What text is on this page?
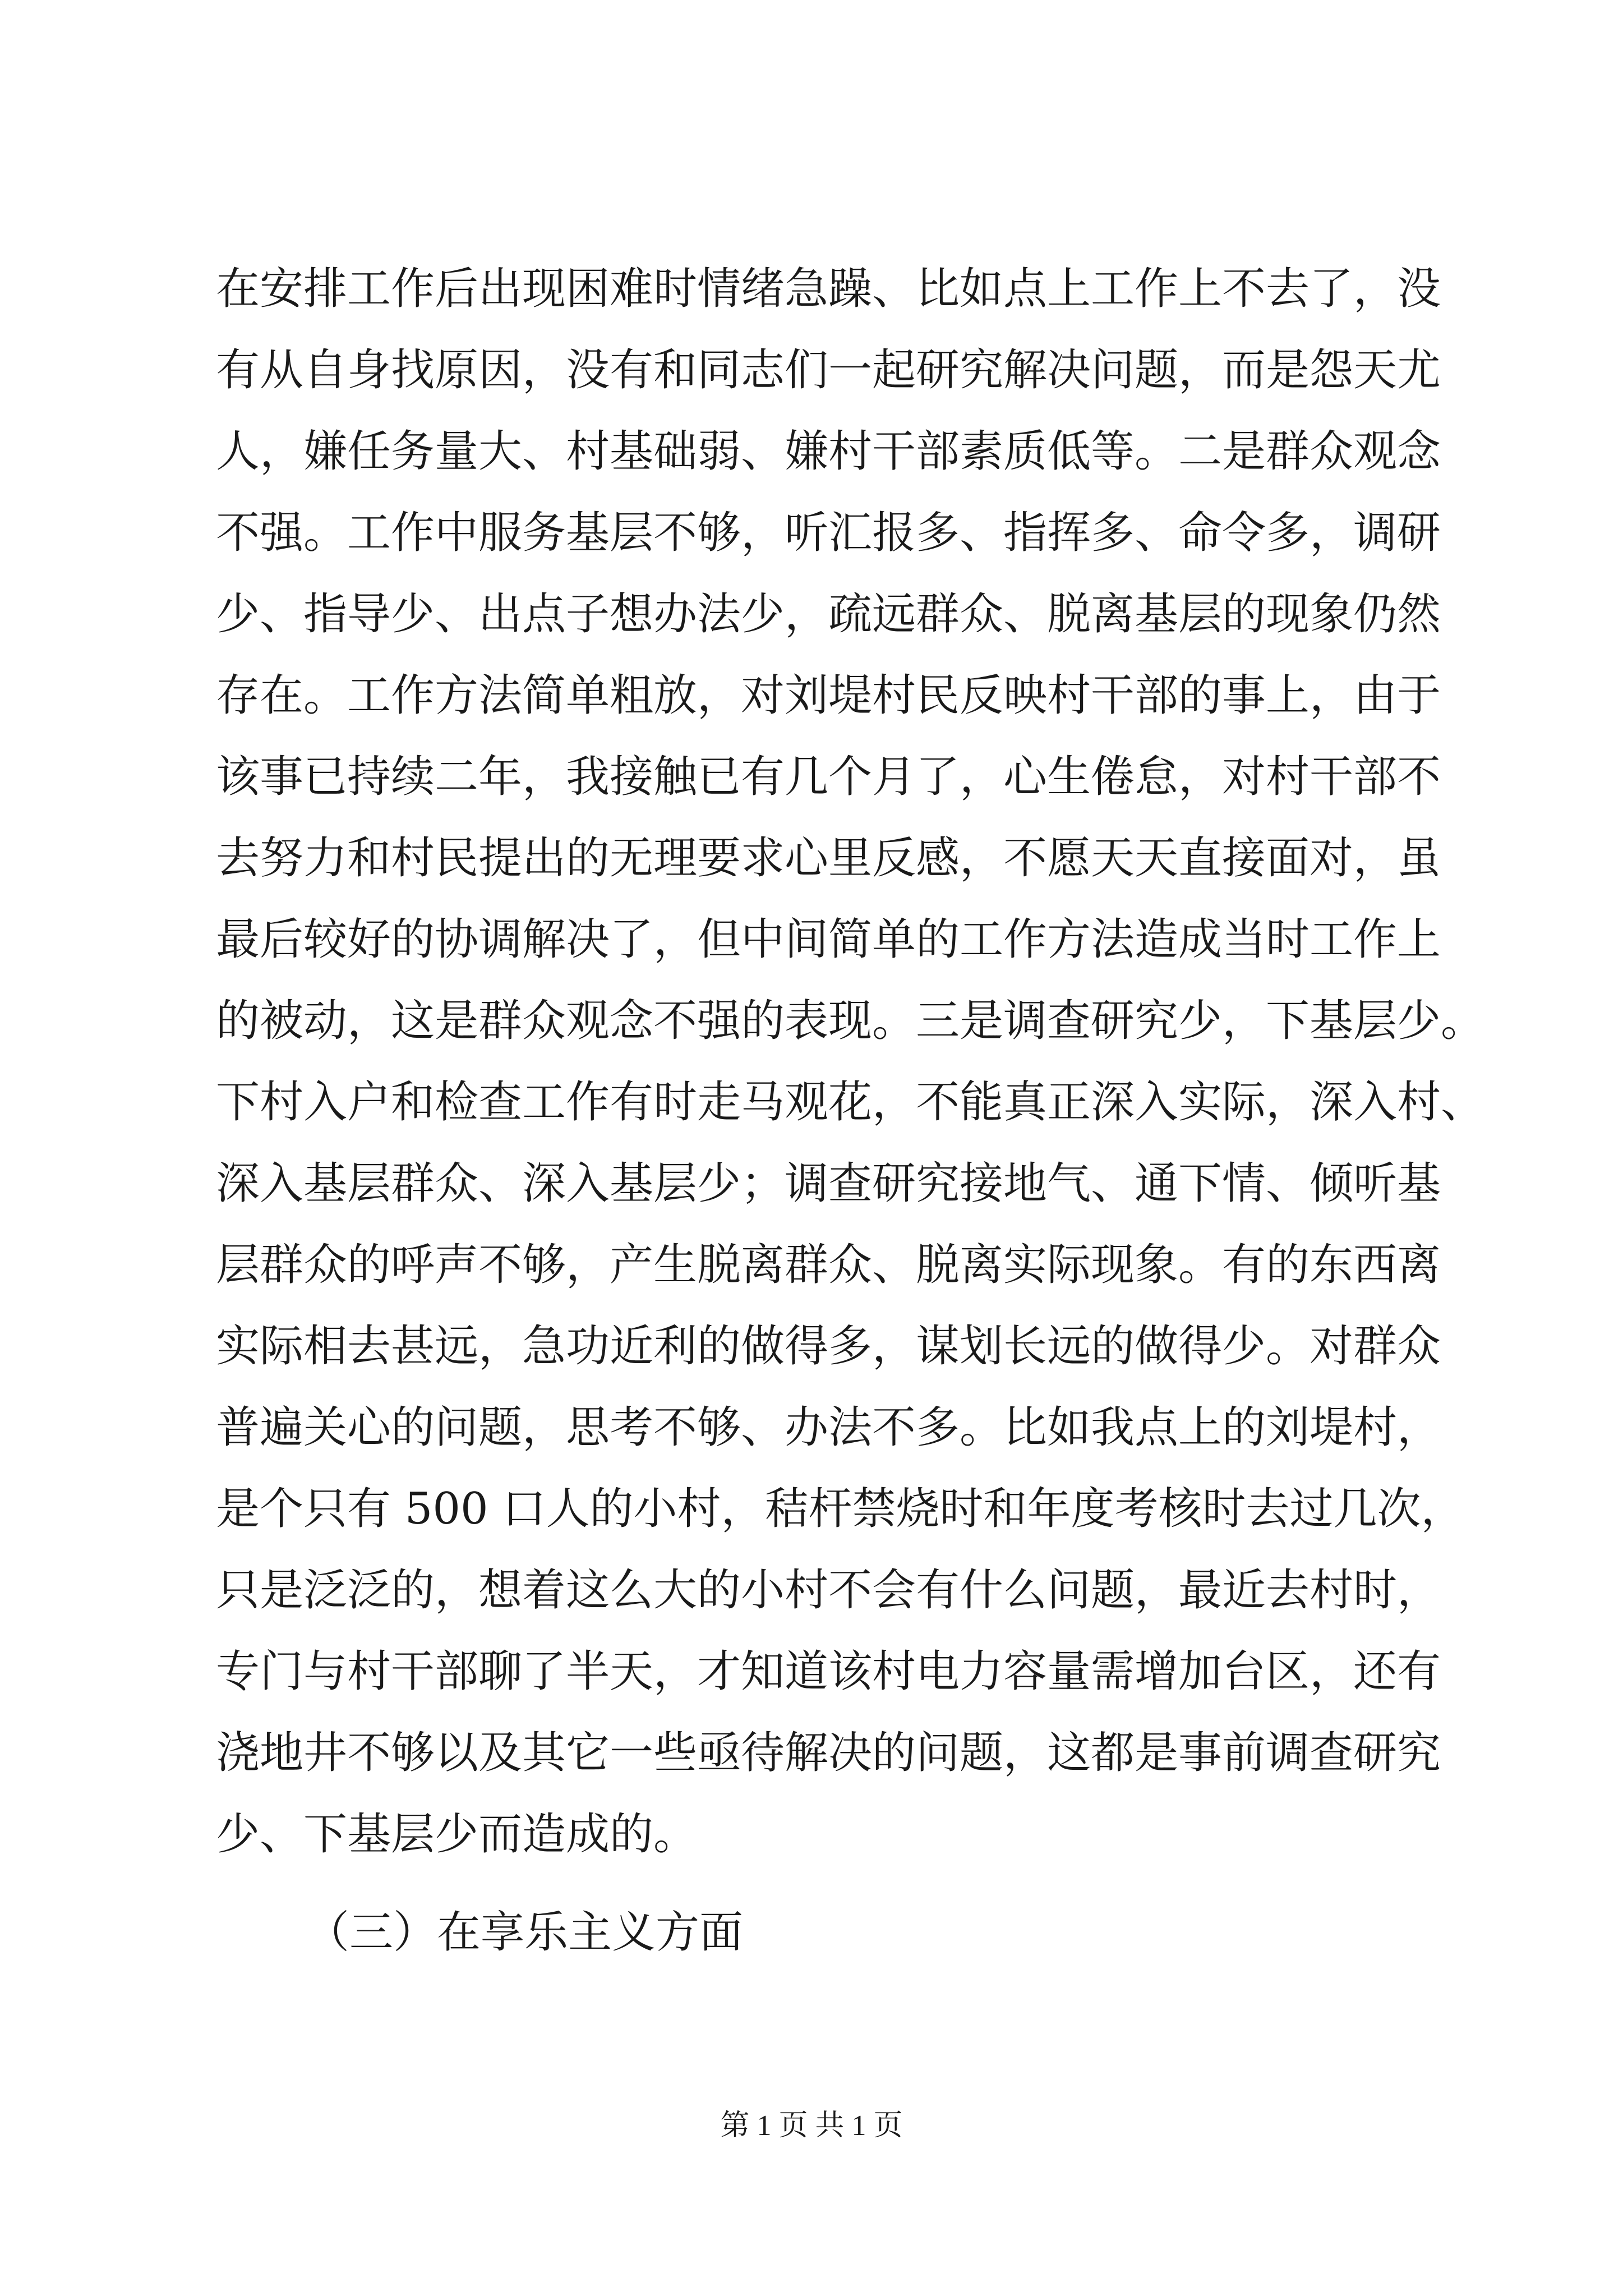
在安排工作后出现困难时情绪急躁、比如点上工作上不去了，没
有从自身找原因，没有和同志们一起研究解决问题，而是怨天尤
人，嫌任务量大、村基础弱、嫌村干部素质低等。二是群众观念
不强。工作中服务基层不够，听汇报多、指挥多、命令多，调研
少、指导少、出点子想办法少，疏远群众、脱离基层的现象仍然
存在。工作方法简单粗放，对刘堤村民反映村干部的事上，由于
该事已持续二年，我接触已有几个月了，心生倦怠，对村干部不
去努力和村民提出的无理要求心里反感，不愿天天直接面对，虽
最后较好的协调解决了，但中间简单的工作方法造成当时工作上
的被动，这是群众观念不强的表现。三是调查研究少，下基层少。
下村入户和检查工作有时走马观花，不能真正深入实际，深入村、
深入基层群众、深入基层少；调查研究接地气、通下情、倾听基
层群众的呼声不够，产生脱离群众、脱离实际现象。有的东西离
实际相去甚远，急功近利的做得多，谋划长远的做得少。对群众
普遍关心的问题，思考不够、办法不多。比如我点上的刘堤村，
是个只有 500 口人的小村，秸杆禁烧时和年度考核时去过几次，
只是泛泛的，想着这么大的小村不会有什么问题，最近去村时，
专门与村干部聊了半天，才知道该村电力容量需增加台区，还有
浇地井不够以及其它一些亟待解决的问题，这都是事前调查研究
少、下基层少而造成的。
（三）在享乐主义方面
第 1 页 共 1 页
